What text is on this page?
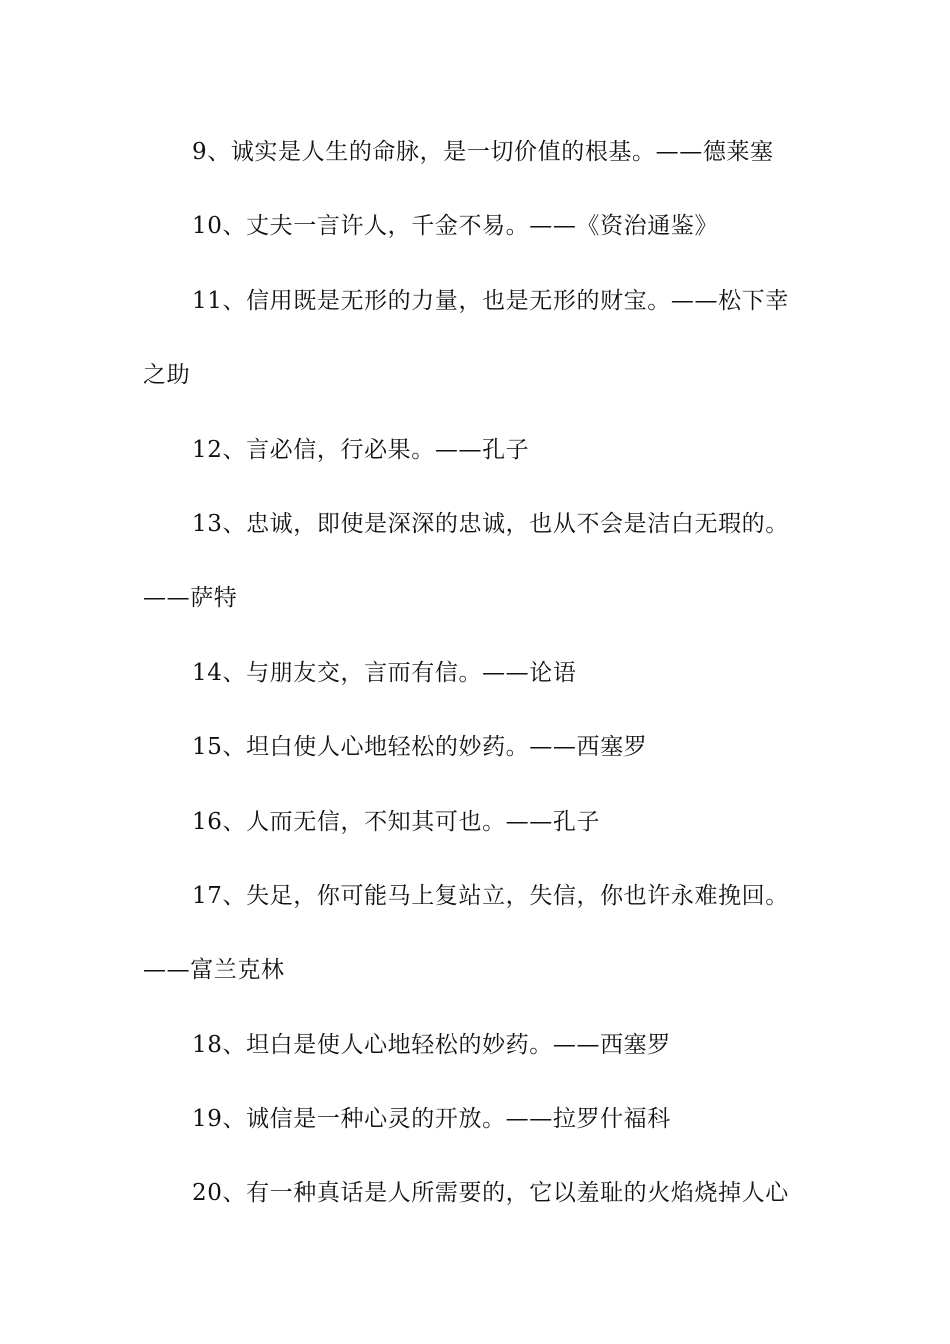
9、诚实是人生的命脉，是一切价值的根基。——德莱塞
10、丈夫一言许人，千金不易。——《资治通鉴》
11、信用既是无形的力量，也是无形的财宝。——松下幸
之助
12、言必信，行必果。——孔子
13、忠诚，即使是深深的忠诚，也从不会是洁白无瑕的。
——萨特
14、与朋友交，言而有信。——论语
15、坦白使人心地轻松的妙药。——西塞罗
16、人而无信，不知其可也。——孔子
17、失足，你可能马上复站立，失信，你也许永难挽回。
——富兰克林
18、坦白是使人心地轻松的妙药。——西塞罗
19、诚信是一种心灵的开放。——拉罗什福科
20、有一种真话是人所需要的，它以羞耻的火焰烧掉人心
